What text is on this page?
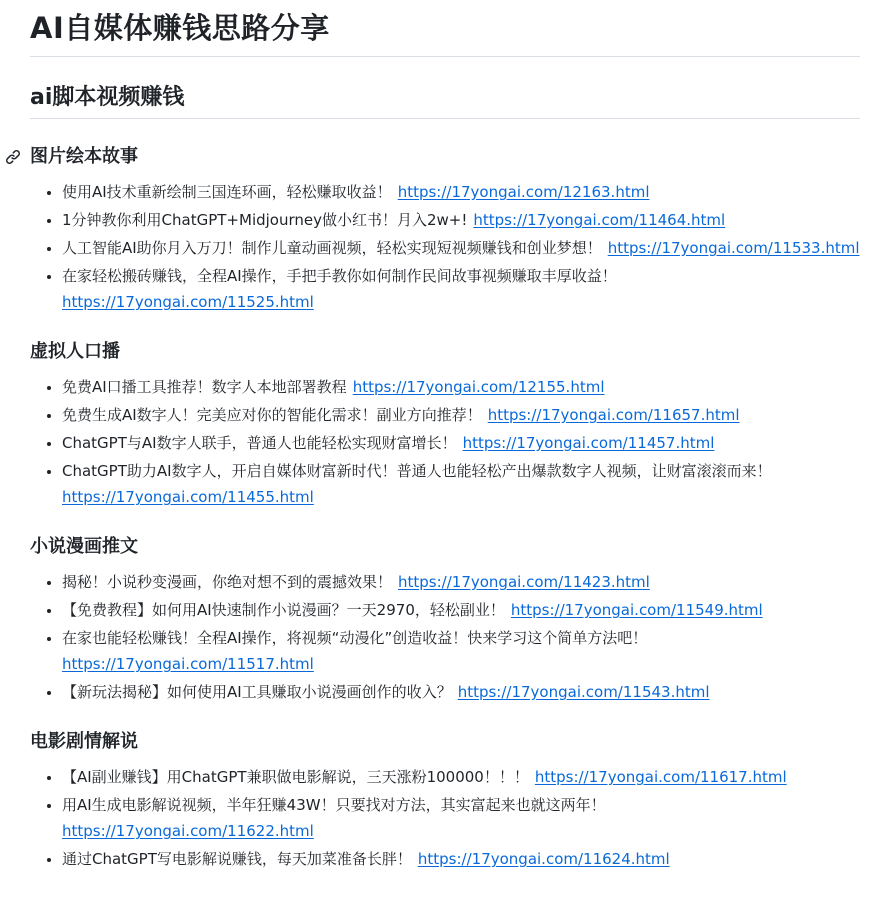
AI自媒体赚钱思路分享
ai脚本视频赚钱
图片绘本故事
• 使用AI技术重新绘制三国连环画，轻松赚取收益！ https://17yongai.com/12163.html
• 1分钟教你利用ChatGPT+Midjourney做小红书！月入2w+! https://17yongai.com/11464.html
• 人工智能AI助你月入万刀！制作儿童动画视频，轻松实现短视频赚钱和创业梦想！ https://17yongai.com/11533.html
• 在家轻松搬砖赚钱，全程AI操作，手把手教你如何制作民间故事视频赚取丰厚收益！https://17yongai.com/11525.html
虚拟人口播
• 免费AI口播工具推荐！数字人本地部署教程 https://17yongai.com/12155.html
• 免费生成AI数字人！完美应对你的智能化需求！副业方向推荐！ https://17yongai.com/11657.html
• ChatGPT与AI数字人联手，普通人也能轻松实现财富增长！ https://17yongai.com/11457.html
• ChatGPT助力AI数字人，开启自媒体财富新时代！普通人也能轻松产出爆款数字人视频，让财富滚滚而来！https://17yongai.com/11455.html
小说漫画推文
• 揭秘！小说秒变漫画，你绝对想不到的震撼效果！ https://17yongai.com/11423.html
• 【免费教程】如何用AI快速制作小说漫画？一天2970，轻松副业！ https://17yongai.com/11549.html
• 在家也能轻松赚钱！全程AI操作，将视频“动漫化”创造收益！快来学习这个简单方法吧！https://17yongai.com/11517.html
• 【新玩法揭秘】如何使用AI工具赚取小说漫画创作的收入？ https://17yongai.com/11543.html
电影剧情解说
• 【AI副业赚钱】用ChatGPT兼职做电影解说，三天涨粉100000！！！ https://17yongai.com/11617.html
• 用AI生成电影解说视频，半年狂赚43W！只要找对方法，其实富起来也就这两年！https://17yongai.com/11622.html
• 通过ChatGPT写电影解说赚钱，每天加菜准备长胖！ https://17yongai.com/11624.html
